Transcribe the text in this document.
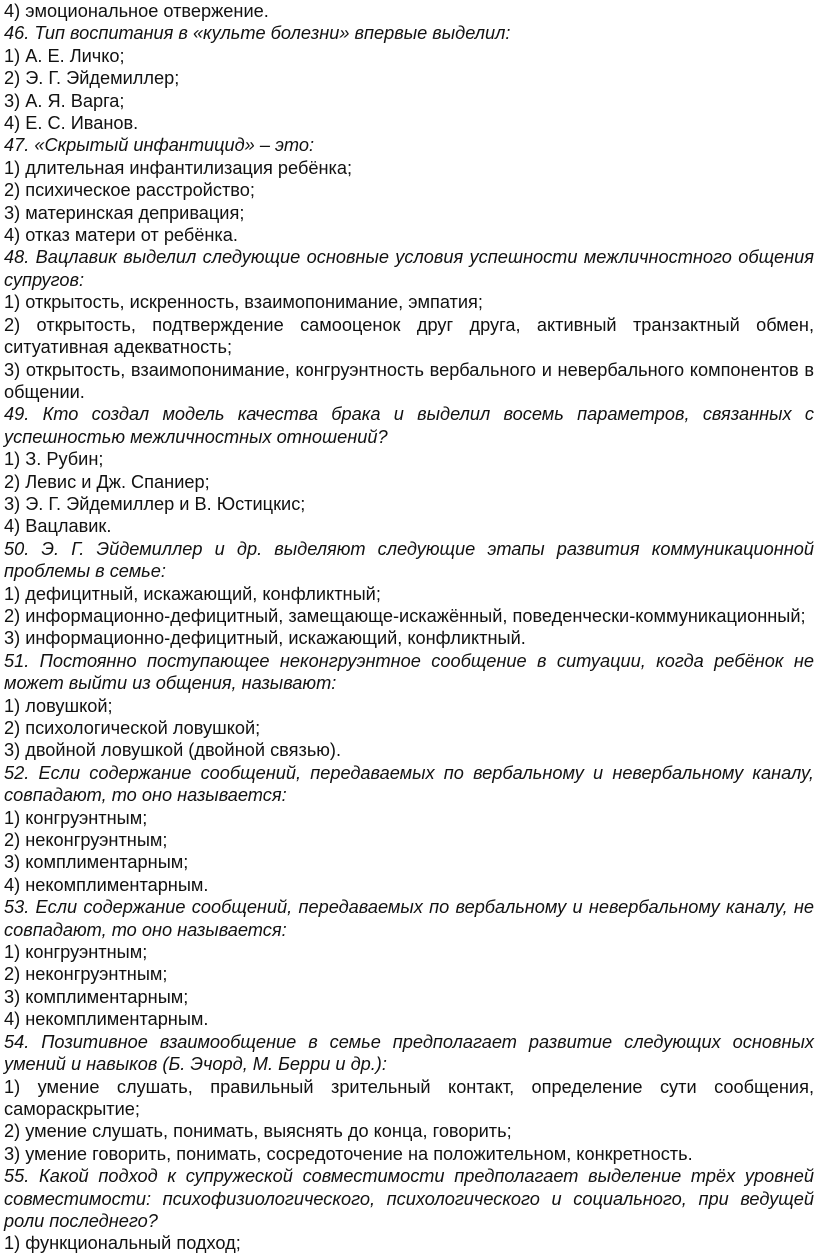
4) эмоциональное отвержение.

46. Тип воспитания в «культе болезни» впервые выделил:

1) А. Е. Личко;

2) Э. Г. Эйдемиллер;

3) А. Я. Варга;

4) Е. С. Иванов.

47. «Скрытый инфантицид» – это:

1) длительная инфантилизация ребёнка;

2) психическое расстройство;

3) материнская депривация;

4) отказ матери от ребёнка.

48. Вацлавик выделил следующие основные условия успешности межличностного общения супругов:

1) открытость, искренность, взаимопонимание, эмпатия;

2) открытость, подтверждение самооценок друг друга, активный транзактный обмен, ситуативная адекватность;

3) открытость, взаимопонимание, конгруэнтность вербального и невербального компонентов в общении.

49. Кто создал модель качества брака и выделил восемь параметров, связанных с успешностью межличностных отношений?

1) З. Рубин;

2) Левис и Дж. Спаниер;

3) Э. Г. Эйдемиллер и В. Юстицкис;

4) Вацлавик.

50. Э. Г. Эйдемиллер и др. выделяют следующие этапы развития коммуникационной проблемы в семье:

1) дефицитный, искажающий, конфликтный;

2) информационно-дефицитный, замещающе-искажённый, поведенчески-коммуникационный;

3) информационно-дефицитный, искажающий, конфликтный.

51. Постоянно поступающее неконгруэнтное сообщение в ситуации, когда ребёнок не может выйти из общения, называют:

1) ловушкой;

2) психологической ловушкой;

3) двойной ловушкой (двойной связью).

52. Если содержание сообщений, передаваемых по вербальному и невербальному каналу, совпадают, то оно называется:

1) конгруэнтным;

2) неконгруэнтным;

3) комплиментарным;

4) некомплиментарным.

53. Если содержание сообщений, передаваемых по вербальному и невербальному каналу, не совпадают, то оно называется:

1) конгруэнтным;

2) неконгруэнтным;

3) комплиментарным;

4) некомплиментарным.

54. Позитивное взаимообщение в семье предполагает развитие следующих основных умений и навыков (Б. Эчорд, М. Берри и др.):

1) умение слушать, правильный зрительный контакт, определение сути сообщения, самораскрытие;

2) умение слушать, понимать, выяснять до конца, говорить;

3) умение говорить, понимать, сосредоточение на положительном, конкретность.

55. Какой подход к супружеской совместимости предполагает выделение трёх уровней совместимости: психофизиологического, психологического и социального, при ведущей роли последнего?

1) функциональный подход;
